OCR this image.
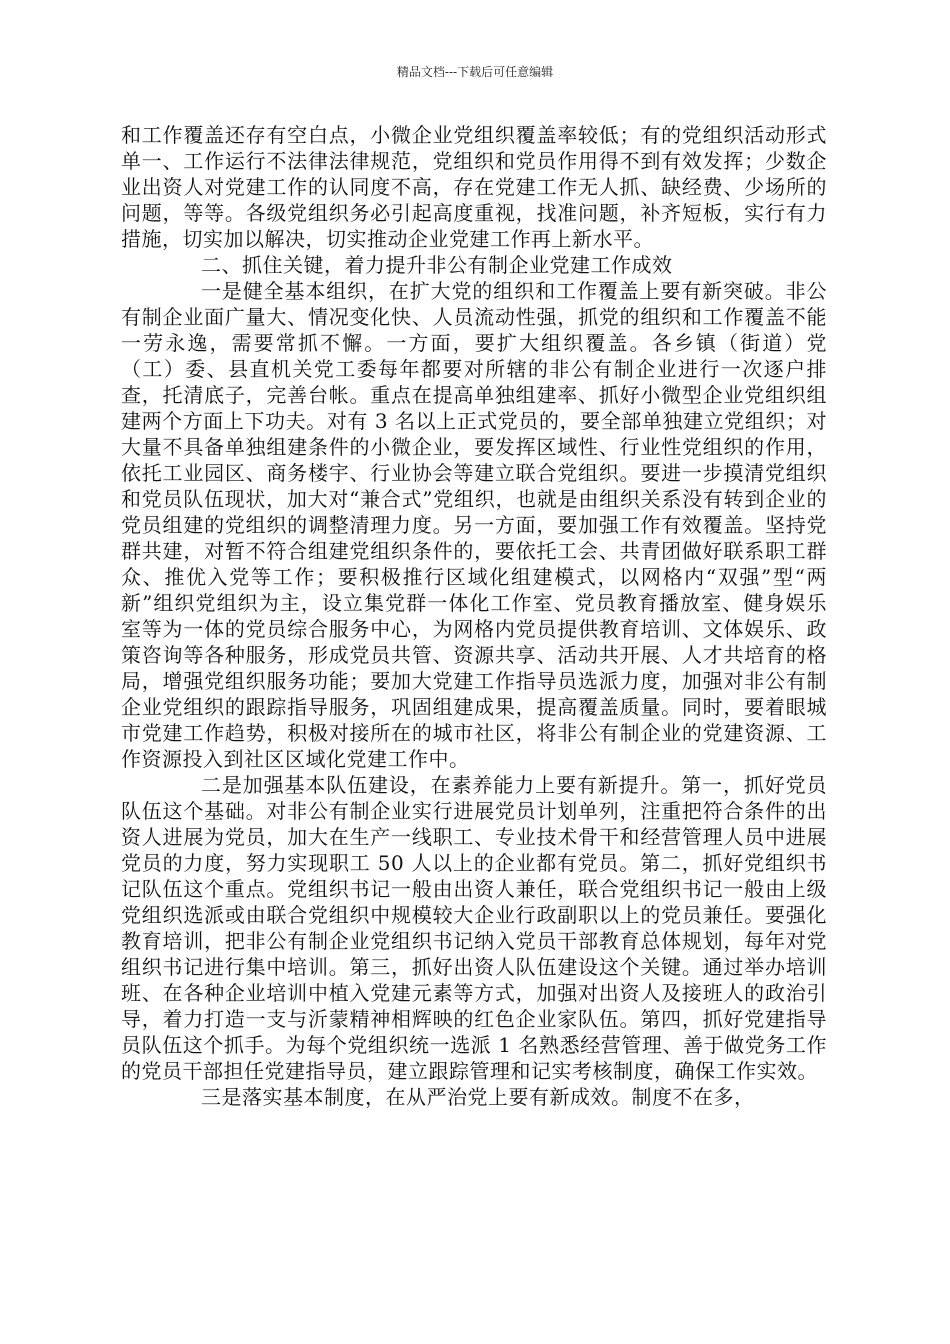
精品文档---下载后可任意编辑

和工作覆盖还存有空白点，小微企业党组织覆盖率较低；有的党组织活动形式单一、工作运行不法律法律规范，党组织和党员作用得不到有效发挥；少数企业出资人对党建工作的认同度不高，存在党建工作无人抓、缺经费、少场所的问题，等等。各级党组织务必引起高度重视，找准问题，补齐短板，实行有力措施，切实加以解决，切实推动企业党建工作再上新水平。

二、抓住关键，着力提升非公有制企业党建工作成效

一是健全基本组织，在扩大党的组织和工作覆盖上要有新突破。非公有制企业面广量大、情况变化快、人员流动性强，抓党的组织和工作覆盖不能一劳永逸，需要常抓不懈。一方面，要扩大组织覆盖。各乡镇（街道）党（工）委、县直机关党工委每年都要对所辖的非公有制企业进行一次逐户排查，托清底子，完善台帐。重点在提高单独组建率、抓好小微型企业党组织组建两个方面上下功夫。对有 3 名以上正式党员的，要全部单独建立党组织；对大量不具备单独组建条件的小微企业，要发挥区域性、行业性党组织的作用，依托工业园区、商务楼宇、行业协会等建立联合党组织。要进一步摸清党组织和党员队伍现状，加大对“兼合式”党组织，也就是由组织关系没有转到企业的党员组建的党组织的调整清理力度。另一方面，要加强工作有效覆盖。坚持党群共建，对暂不符合组建党组织条件的，要依托工会、共青团做好联系职工群众、推优入党等工作；要积极推行区域化组建模式，以网格内“双强”型“两新”组织党组织为主，设立集党群一体化工作室、党员教育播放室、健身娱乐室等为一体的党员综合服务中心，为网格内党员提供教育培训、文体娱乐、政策咨询等各种服务，形成党员共管、资源共享、活动共开展、人才共培育的格局，增强党组织服务功能；要加大党建工作指导员选派力度，加强对非公有制企业党组织的跟踪指导服务，巩固组建成果，提高覆盖质量。同时，要着眼城市党建工作趋势，积极对接所在的城市社区，将非公有制企业的党建资源、工作资源投入到社区区域化党建工作中。

二是加强基本队伍建设，在素养能力上要有新提升。第一，抓好党员队伍这个基础。对非公有制企业实行进展党员计划单列，注重把符合条件的出资人进展为党员，加大在生产一线职工、专业技术骨干和经营管理人员中进展党员的力度，努力实现职工 50 人以上的企业都有党员。第二，抓好党组织书记队伍这个重点。党组织书记一般由出资人兼任，联合党组织书记一般由上级党组织选派或由联合党组织中规模较大企业行政副职以上的党员兼任。要强化教育培训，把非公有制企业党组织书记纳入党员干部教育总体规划，每年对党组织书记进行集中培训。第三，抓好出资人队伍建设这个关键。通过举办培训班、在各种企业培训中植入党建元素等方式，加强对出资人及接班人的政治引导，着力打造一支与沂蒙精神相辉映的红色企业家队伍。第四，抓好党建指导员队伍这个抓手。为每个党组织统一选派 1 名熟悉经营管理、善于做党务工作的党员干部担任党建指导员，建立跟踪管理和记实考核制度，确保工作实效。

三是落实基本制度，在从严治党上要有新成效。制度不在多，
